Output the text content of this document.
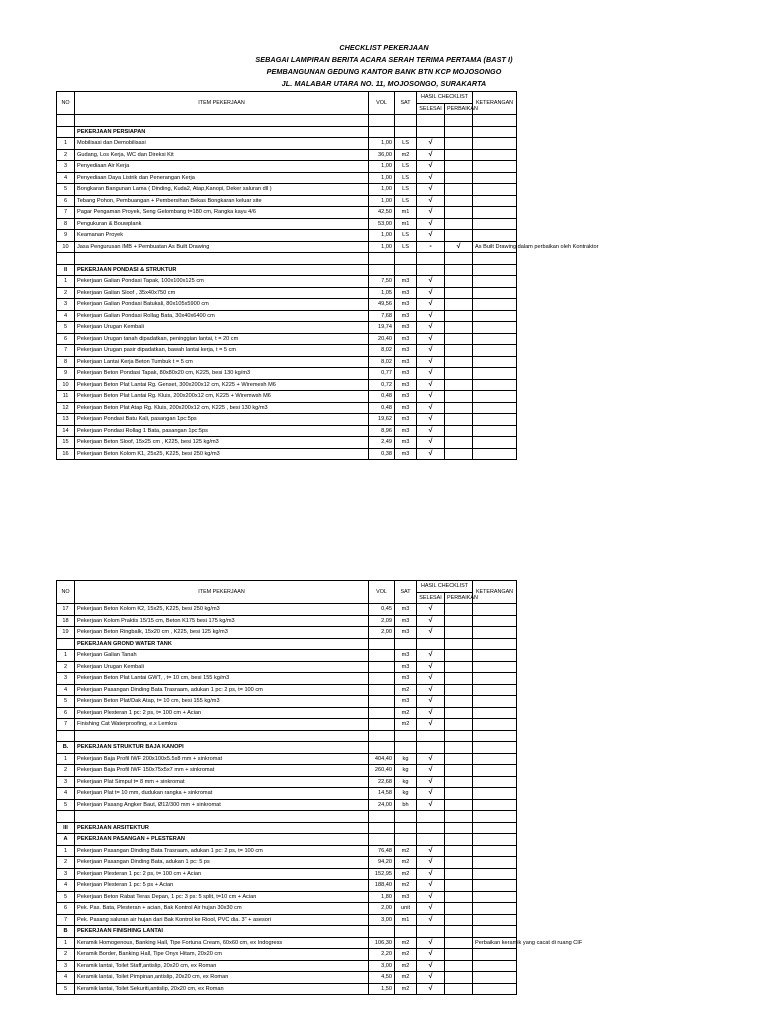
CHECKLIST PEKERJAAN
SEBAGAI LAMPIRAN BERITA ACARA SERAH TERIMA PERTAMA (BAST I)
PEMBANGUNAN GEDUNG KANTOR BANK BTN KCP MOJOSONGO
JL. MALABAR UTARA NO. 11, MOJOSONGO, SURAKARTA
NO	ITEM PEKERJAAN	VOL	SAT	HASIL CHECKLIST		KETERANGAN
				SELESAI	PERBAIKAN	

	PEKERJAAN PERSIAPAN					
1	Mobilisasi dan Demobilisasi	1,00	LS	√		
2	Gudang, Los Kerja, WC dan Direksi Kit	36,00	m2	√		
3	Penyediaan Air Kerja	1,00	LS	√		
4	Penyediaan Daya Listrik dan Penerangan Kerja	1,00	LS	√		
5	Bongkaran Bangunan Lama ( Dinding, Kuda2, Atap,Kanopi, Deker saluran dll )	1,00	LS	√		
6	Tebang Pohon, Pembuangan + Pembersihan Bekas Bongkaran keluar site	1,00	LS	√		
7	Pagar Pengaman Proyek, Seng Gelombang t=180 cm, Rangka kayu 4/6	42,50	m1	√		
8	Pengukuran & Bouwplank	53,00	m1	√		
9	Keamanan Proyek	1,00	LS	√		
10	Jasa Pengurusan IMB + Pembuatan As Built Drawing	1,00	LS	-	√	As Built Drawing dalam perbaikan oleh Kontraktor

II	PEKERJAAN PONDASI & STRUKTUR					
1	Pekerjaan Galian Pondasi Tapak, 100x100x125 cm	7,50	m3	√		
2	Pekerjaan Galian Sloof , 35x40x750 cm	1,05	m3	√		
3	Pekerjaan Galian Pondasi Batukali, 80x105x5900 cm	49,56	m3	√		
4	Pekerjaan Galian Pondasi Rollag Bata, 30x40x6400 cm	7,68	m3	√		
5	Pekerjaan Urugan Kembali	19,74	m3	√		
6	Pekerjaan Urugan tanah dipadatkan, peninggian lantai, t = 20 cm	20,40	m3	√		
7	Pekerjaan Urugan pasir dipadatkan, bawah lantai kerja, t = 5 cm	8,02	m3	√		
8	Pekerjaan Lantai Kerja Beton Tumbuk t = 5 cm	8,02	m3	√		
9	Pekerjaan Beton Pondasi Tapak, 80x80x20 cm, K225, besi 130 kg/m3	0,77	m3	√		
10	Pekerjaan Beton Plat Lantai Rg. Genset, 300x200x12 cm, K225 + Wiremesh M6	0,72	m3	√		
11	Pekerjaan Beton Plat Lantai Rg. Kluis, 200x200x12 cm, K225 + Wiremwsh M6	0,48	m3	√		
12	Pekerjaan Beton Plat Atap Rg. Kluis, 200x200x12 cm, K225 , besi 130 kg/m3	0,48	m3	√		
13	Pekerjaan Pondasi Batu Kali, pasangan 1pc:5ps	19,62	m3	√		
14	Pekerjaan Pondasi Rollag 1 Bata, pasangan 1pc:5ps	8,96	m3	√		
15	Pekerjaan Beton Sloof, 15x25 cm , K225, besi 125 kg/m3	2,49	m3	√		
16	Pekerjaan Beton Kolom K1, 25x25, K225, besi 250 kg/m3	0,38	m3	√		
NO	ITEM PEKERJAAN	VOL	SAT	HASIL CHECKLIST		KETERANGAN
				SELESAI	PERBAIKAN	
17	Pekerjaan Beton Kolom K2, 15x25, K225, besi 250 kg/m3	0,45	m3	√		
18	Pekerjaan Kolom Praktis 15/15 cm, Beton K175 besi 175 kg/m3	2,09	m3	√		
19	Pekerjaan Beton Ringbalk, 15x20 cm , K225, besi 125 kg/m3	2,00	m3	√		
	PEKERJAAN GROND WATER TANK					
1	Pekerjaan Galian Tanah		m3	√		
2	Pekerjaan Urugan Kembali		m3	√		
3	Pekerjaan Beton Plat Lantai GWT, , t= 10 cm, besi 155 kg/m3		m3	√		
4	Pekerjaan Pasangan Dinding Bata Trasraam, adukan 1 pc: 2 ps, t= 100 cm		m2	√		
5	Pekerjaan Beton Plat/Dak Atap, t= 10 cm, besi 155 kg/m3		m3	√		
6	Pekerjaan Plesteran 1 pc: 2 ps, t= 100 cm + Acian		m2	√		
7	Finishing Cat Waterproofing, e.x Lemkra		m2	√		

B.	PEKERJAAN STRUKTUR BAJA KANOPI					
1	Pekerjaan Baja Profil IWF 200x100x5.5x8 mm + sinkromat	404,40	kg	√		
2	Pekerjaan Baja Profil IWF 150x75x5x7 mm + sinkromat	260,40	kg	√		
3	Pekerjaan Plat Simpul t= 8 mm + sinkromat	22,68	kg	√		
4	Pekerjaan Plat t= 10 mm, dudukan rangka + sinkromat	14,58	kg	√		
5	Pekerjaan Pasang Angker Baut, Ø12/300 mm + sinkromat	24,00	bh	√		

III	PEKERJAAN ARSITEKTUR					
A	PEKERJAAN PASANGAN + PLESTERAN					
1	Pekerjaan Pasangan Dinding Bata Trasraam, adukan 1 pc: 2 ps, t= 100 cm	76,48	m2	√		
2	Pekerjaan Pasangan Dinding Bata, adukan 1 pc: 5 ps	94,20	m2	√		
3	Pekerjaan Plesteran 1 pc: 2 ps, t= 100 cm + Acian	152,95	m2	√		
4	Pekerjaan Plesteran 1 pc: 5 ps + Acian	188,40	m2	√		
5	Pekerjaan Beton Rabat Teras Depan, 1 pc: 3 ps: 5 split, t=10 cm + Acian	1,80	m3	√		
6	Pek. Pas. Bata, Plesteran + acian, Bak Kontrol Air hujan 30x30 cm	2,00	unit	√		
7	Pek. Pasang saluran air hujan dari Bak Kontrol ke Riool, PVC dia. 3" + asesori	3,00	m1	√		
B	PEKERJAAN FINISHING LANTAI					
1	Keramik Homogenous, Banking Hall, Tipe Fortuna Cream, 60x60 cm, ex Indogress	106,30	m2	√		Perbaikan keramik yang cacat di ruang CIF
2	Keramik Border, Banking Hall, Tipe Onyx Hitam, 20x20 cm	2,20	m2	√		
3	Keramik lantai, Toilet Staff,antislip, 20x20 cm, ex Roman	3,00	m2	√		
4	Keramik lantai, Toilet Pimpinan,antislip, 20x20 cm, ex Roman	4,50	m2	√		
5	Keramik lantai, Toilet Sekuriti,antislip, 20x20 cm, ex Roman	1,50	m2	√		
